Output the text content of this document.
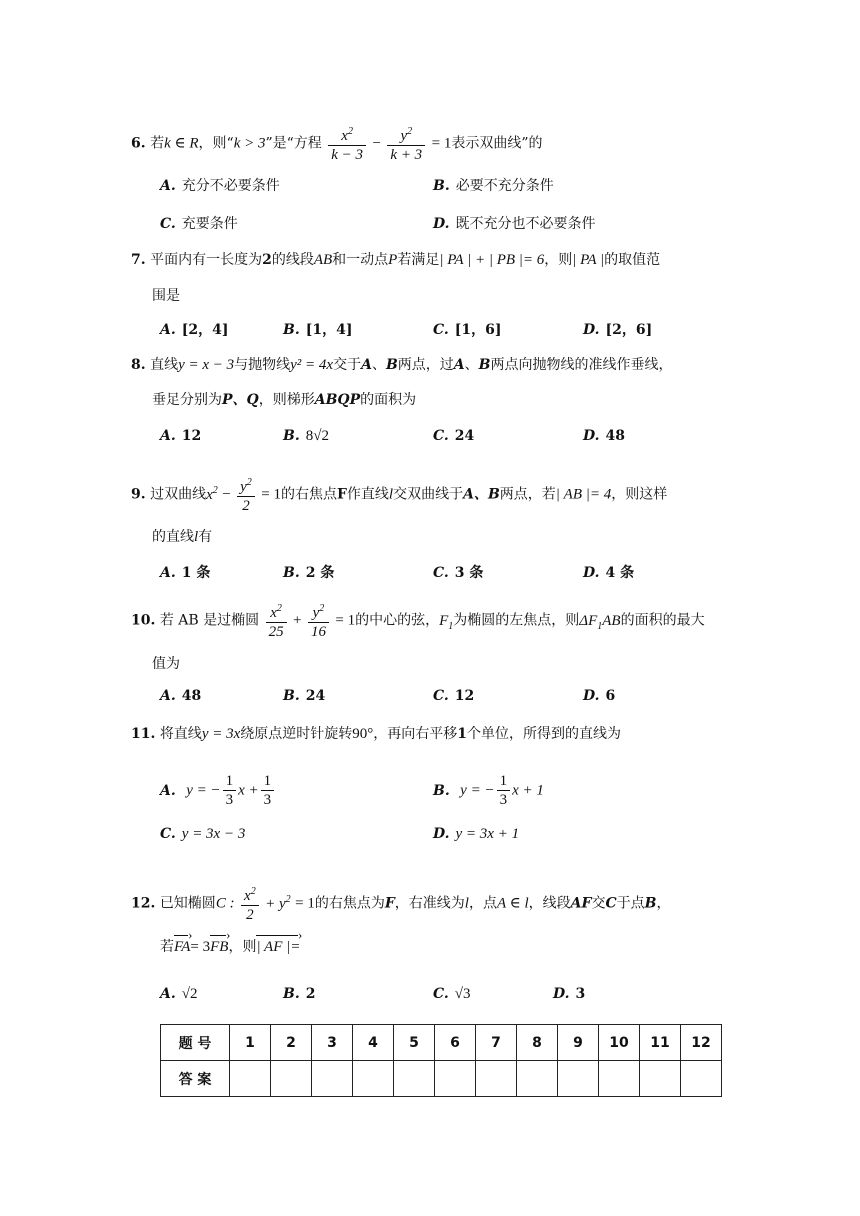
6. 若k ∈ R，则“k > 3”是“方程 $\frac{x^2}{k - 3} - \frac{y^2}{k + 3} = 1$表示双曲线”的
A. 充分不必要条件	B. 必要不充分条件
C. 充要条件	D. 既不充分也不必要条件
7. 平面内有一长度为2的线段AB和一动点P若满足| PA | + | PB |= 6，则| PA |的取值范
围是
A. [2，4]	B. [1，4]	C. [1，6]	D. [2，6]
8. 直线y = x − 3与抛物线y² = 4x交于A、B两点，过A、B两点向抛物线的准线作垂线，
垂足分别为P、Q，则梯形ABQP的面积为
A. 12	B. 8√2	C. 24	D. 48
9. 过双曲线$x^2 - \frac{y^2}{2} = 1$的右焦点F作直线l交双曲线于A、B两点，若| AB |= 4，则这样
的直线l有
A. 1 条	B. 2 条	C. 3 条	D. 4 条
10. 若 AB 是过椭圆 $\frac{x^2}{25} + \frac{y^2}{16} = 1$的中心的弦，$F_1$为椭圆的左焦点，则$\Delta F_1AB$的面积的最大
值为
A. 48	B. 24	C. 12	D. 6
11. 将直线y = 3x绕原点逆时针旋转90°，再向右平移1个单位，所得到的直线为
A. y = − $\frac{1}{3}$ $x + \frac{1}{3}$	B. y = − $\frac{1}{3}$ x + 1
C. y = 3x − 3	D. y = 3x + 1
12. 已知椭圆C : $\frac{x^2}{2} + y^2 = 1$的右焦点为F，右准线为l，点A ∈ l，线段AF交C于点B，
若FA ›= 3FB ›，则| AF |= ›
A. √2	B. 2	C. √3	D. 3
题 号	1	2	3	4	5	6	7	8	9	10	11	12
答 案												
